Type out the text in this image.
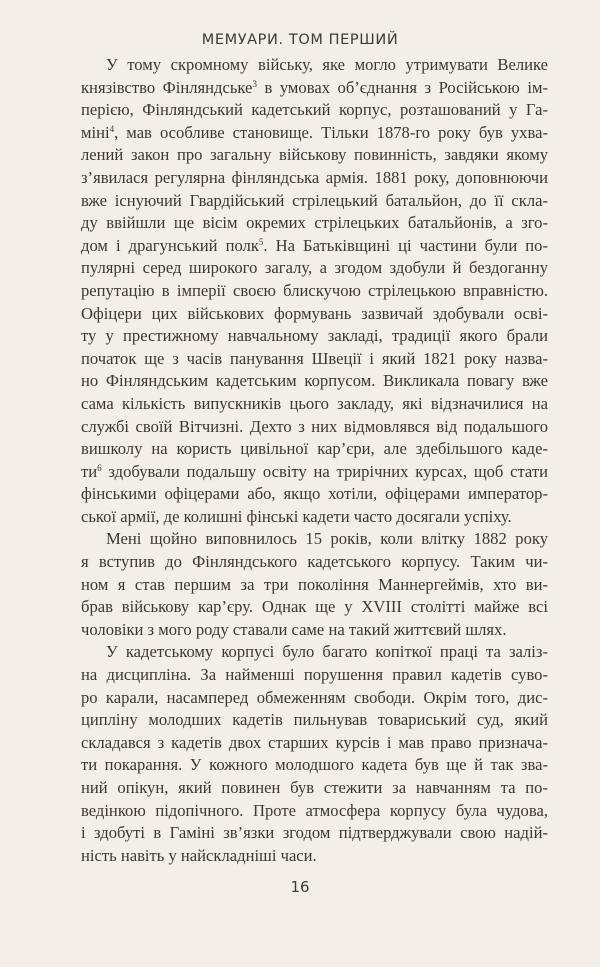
МЕМУАРИ. ТОМ ПЕРШИЙ
У тому скромному війську, яке могло утримувати Велике
князівство Фінляндське$^3$ в умовах об’єднання з Російською ім-
перією, Фінляндський кадетський корпус, розташований у Га-
міні$^4$, мав особливе становище. Тільки 1878-го року був ухва-
лений закон про загальну військову повинність, завдяки якому
з’явилася регулярна фінляндська армія. 1881 року, доповнюючи
вже існуючий Гвардійський стрілецький батальйон, до її скла-
ду ввійшли ще вісім окремих стрілецьких батальйонів, а зго-
дом і драгунський полк$^5$. На Батьківщині ці частини були по-
пулярні серед широкого загалу, а згодом здобули й бездоганну
репутацію в імперії своєю блискучою стрілецькою вправністю.
Офіцери цих військових формувань зазвичай здобували осві-
ту у престижному навчальному закладі, традиції якого брали
початок ще з часів панування Швеції і який 1821 року назва-
но Фінляндським кадетським корпусом. Викликала повагу вже
сама кількість випускників цього закладу, які відзначилися на
службі своїй Вітчизні. Дехто з них відмовлявся від подальшого
вишколу на користь цивільної кар’єри, але здебільшого каде-
$ти^6$ здобували подальшу освіту на трирічних курсах, щоб стати
фінськими офіцерами або, якщо хотіли, офіцерами император-
ської армії, де колишні фінські кадети часто досягали успіху.
Мені щойно виповнилось 15 років, коли влітку 1882 року
я вступив до Фінляндського кадетського корпусу. Таким чи-
ном я став першим за три покоління Маннергеймів, хто ви-
брав військову кар’єру. Однак ще у XVIII столітті майже всі
чоловіки з мого роду ставали саме на такий життєвий шлях.
У кадетському корпусі було багато копіткої праці та заліз-
на дисципліна. За найменші порушення правил кадетів суво-
ро карали, насамперед обмеженням свободи. Окрім того, дис-
ципліну молодших кадетів пильнував товариський суд, який
складався з кадетів двох старших курсів і мав право признача-
ти покарання. У кожного молодшого кадета був ще й так зва-
ний опікун, який повинен був стежити за навчанням та по-
ведінкою підопічного. Проте атмосфера корпусу була чудова,
і здобуті в Гаміні зв’язки згодом підтверджували свою надій-
ність навіть у найскладніші часи.
16
